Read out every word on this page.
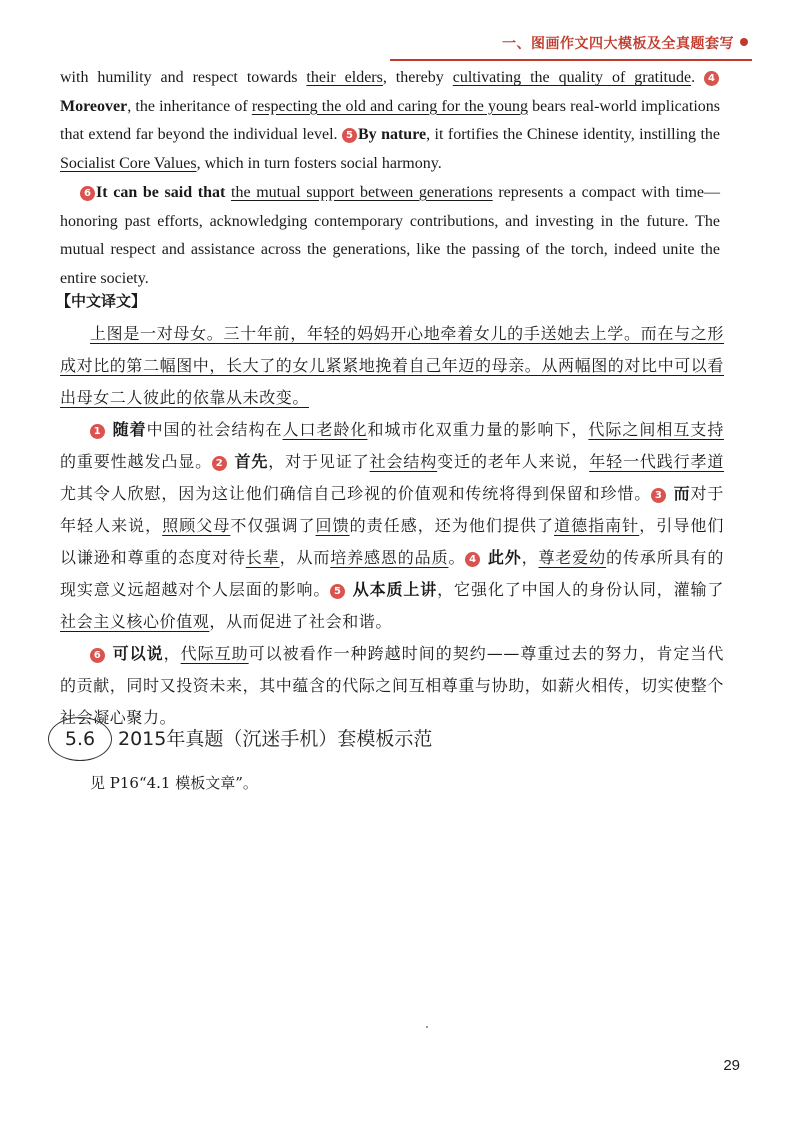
一、图画作文四大模板及全真题套写

with humility and respect towards their elders, thereby cultivating the quality of gratitude. 4Moreover, the inheritance of respecting the old and caring for the young bears real-world implications that extend far beyond the individual level. 5 By nature, it fortifies the Chinese identity, instilling the Socialist Core Values, which in turn fosters social harmony.

6 It can be said that the mutual support between generations represents a compact with time—honoring past efforts, acknowledging contemporary contributions, and investing in the future. The mutual respect and assistance across the generations, like the passing of the torch, indeed unite the entire society.

【中文译文】

上图是一对母女。三十年前，年轻的妈妈开心地牵着女儿的手送她去上学。而在与之形成对比的第二幅图中，长大了的女儿紧紧地挽着自己年迈的母亲。从两幅图的对比中可以看出母女二人彼此的依靠从未改变。

1 随着中国的社会结构在人口老龄化和城市化双重力量的影响下，代际之间相互支持的重要性越发凸显。 2 首先，对于见证了社会结构变迁的老年人来说，年轻一代践行孝道尤其令人欣慰，因为这让他们确信自己珍视的价值观和传统将得到保留和珍惜。 3 而对于年轻人来说，照顾父母不仅强调了回馈的责任感，还为他们提供了道德指南针，引导他们以谦逊和尊重的态度对待长辈，从而培养感恩的品质。 4 此外，尊老爱幼的传承所具有的现实意义远超越对个人层面的影响。 5 从本质上讲，它强化了中国人的身份认同，灌输了社会主义核心价值观，从而促进了社会和谐。

6 可以说，代际互助可以被看作一种跨越时间的契约——尊重过去的努力，肯定当代的贡献，同时又投资未来，其中蕴含的代际之间互相尊重与协助，如薪火相传，切实使整个社会凝心聚力。

5.6	2015年真题（沉迷手机）套模板示范
见 P16“4.1 模板文章”。
29
